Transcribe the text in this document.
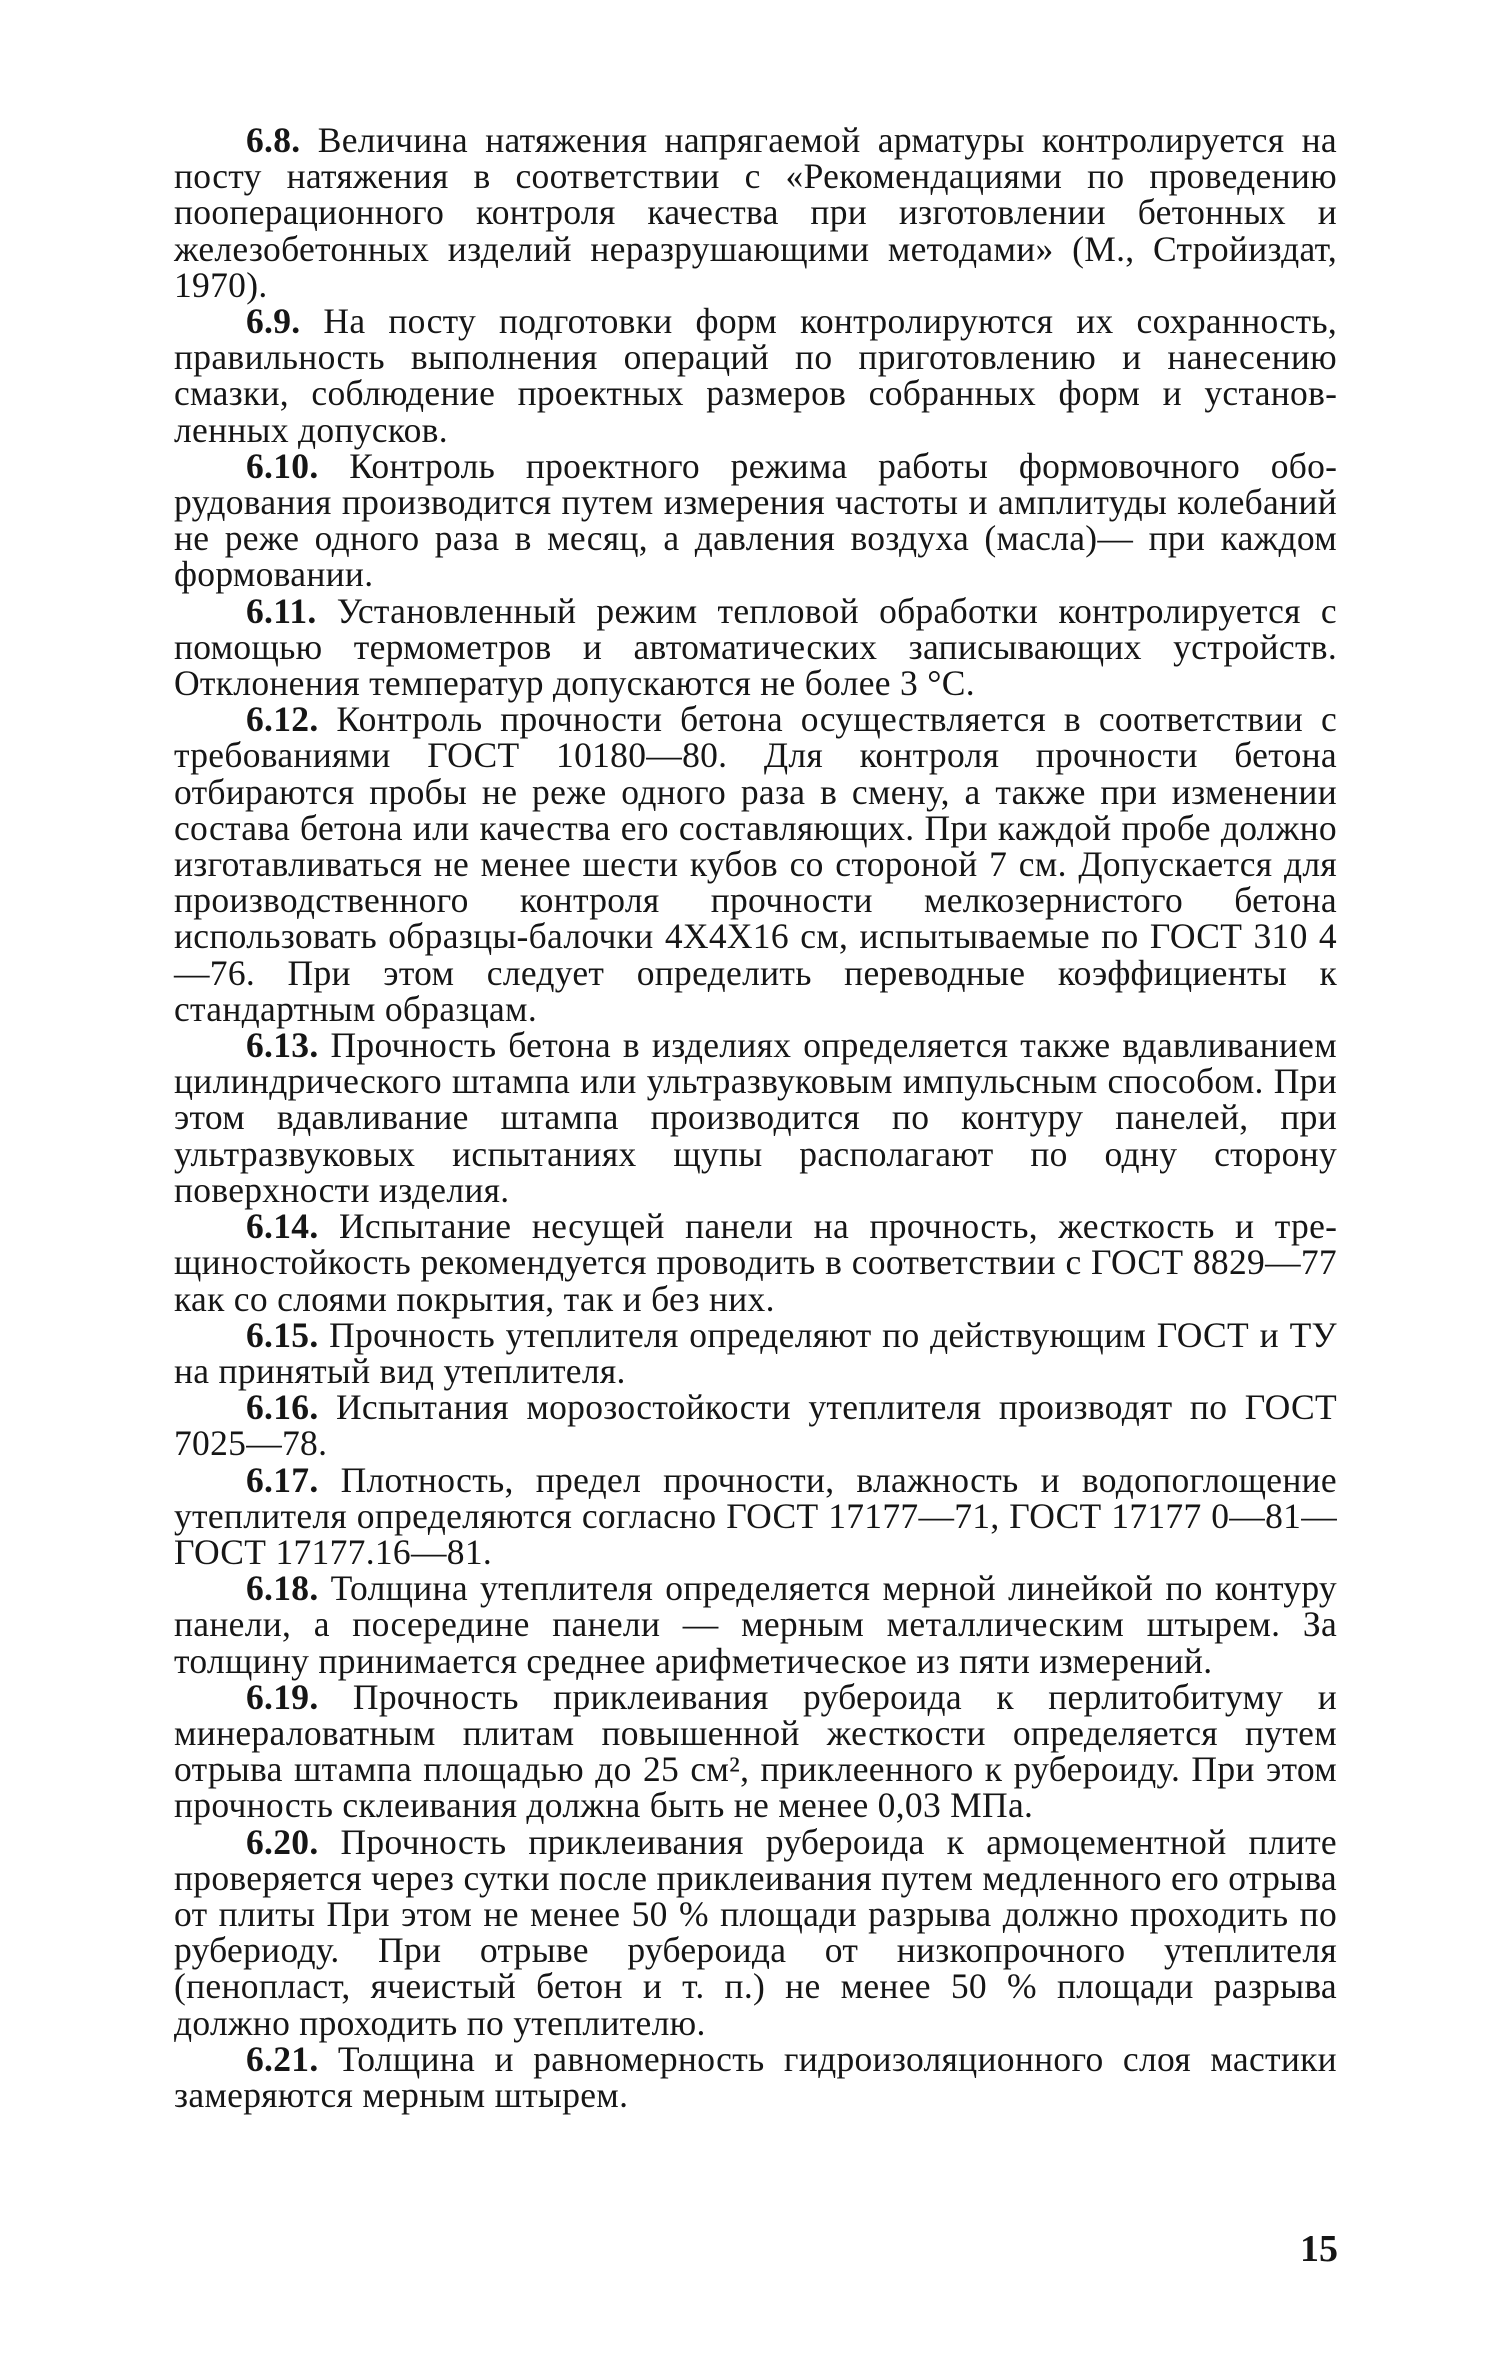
6.8. Величина натяжения напрягаемой арматуры контролируется на посту натяжения в соответствии с «Рекомендациями по проведению пооперационного контроля качества при изготовлении бетонных и железобетонных изделий неразрушающими методами» (М., Стройиздат, 1970).

6.9. На посту подготовки форм контролируются их сохранность, правильность выполнения операций по приготовлению и нанесению смазки, соблюдение проектных размеров собранных форм и установленных допусков.

6.10. Контроль проектного режима работы формовочного оборудования производится путем измерения частоты и амплитуды колебаний не реже одного раза в месяц, а давления воздуха (масла)— при каждом формовании.

6.11. Установленный режим тепловой обработки контролируется с помощью термометров и автоматических записывающих устройств. Отклонения температур допускаются не более 3 °С.

6.12. Контроль прочности бетона осуществляется в соответствии с требованиями ГОСТ 10180—80. Для контроля прочности бетона отбираются пробы не реже одного раза в смену, а также при изменении состава бетона или качества его составляющих. При каждой пробе должно изготавливаться не менее шести кубов со стороной 7 см. Допускается для производственного контроля прочности мелкозернистого бетона использовать образцы-балочки 4Х4Х16 см, испытываемые по ГОСТ 310 4—76. При этом следует определить переводные коэффициенты к стандартным образцам.

6.13. Прочность бетона в изделиях определяется также вдавливанием цилиндрического штампа или ультразвуковым импульсным способом. При этом вдавливание штампа производится по контуру панелей, при ультразвуковых испытаниях щупы располагают по одну сторону поверхности изделия.

6.14. Испытание несущей панели на прочность, жесткость и трещиностойкость рекомендуется проводить в соответствии с ГОСТ 8829—77 как со слоями покрытия, так и без них.

6.15. Прочность утеплителя определяют по действующим ГОСТ и ТУ на принятый вид утеплителя.

6.16. Испытания морозостойкости утеплителя производят по ГОСТ 7025—78.

6.17. Плотность, предел прочности, влажность и водопоглощение утеплителя определяются согласно ГОСТ 17177—71, ГОСТ 17177 0—81—ГОСТ 17177.16—81.

6.18. Толщина утеплителя определяется мерной линейкой по контуру панели, а посередине панели — мерным металлическим штырем. За толщину принимается среднее арифметическое из пяти измерений.

6.19. Прочность приклеивания рубероида к перлитобитуму и минераловатным плитам повышенной жесткости определяется путем отрыва штампа площадью до 25 см², приклеенного к рубероиду. При этом прочность склеивания должна быть не менее 0,03 МПа.

6.20. Прочность приклеивания рубероида к армоцементной плите проверяется через сутки после приклеивания путем медленного его отрыва от плиты При этом не менее 50 % площади разрыва должно проходить по рубериоду. При отрыве рубероида от низкопрочного утеплителя (пенопласт, ячеистый бетон и т. п.) не менее 50 % площади разрыва должно проходить по утеплителю.

6.21. Толщина и равномерность гидроизоляционного слоя мастики замеряются мерным штырем.

15
